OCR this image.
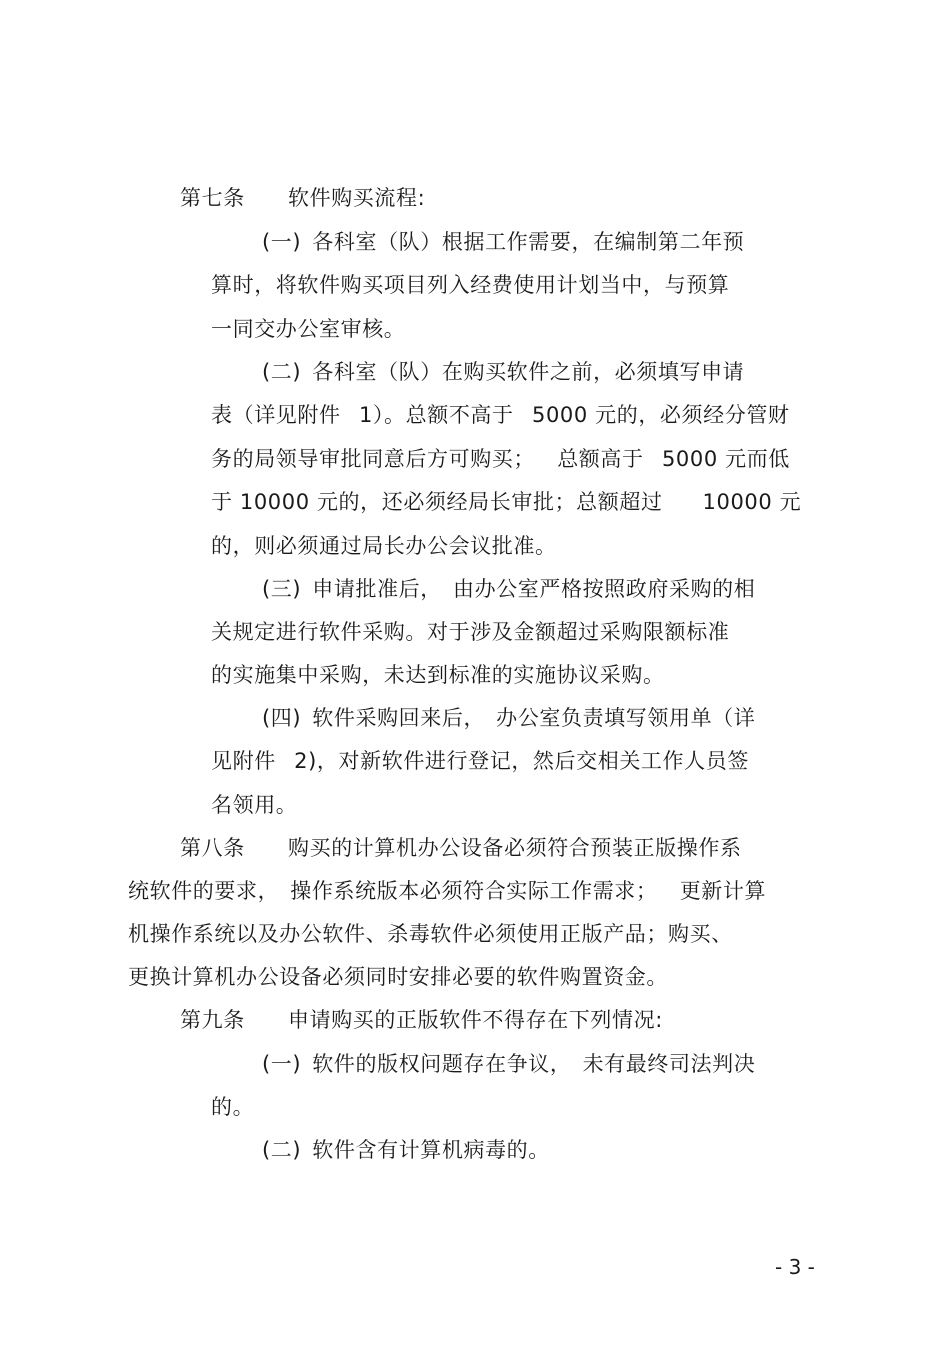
第七条　　软件购买流程:
(一) 各科室（队）根据工作需要，在编制第二年预
算时，将软件购买项目列入经费使用计划当中，与预算
一同交办公室审核。
(二) 各科室（队）在购买软件之前，必须填写申请
表（详见附件  1）。总额不高于  5000 元的，必须经分管财
务的局领导审批同意后方可购买；　 总额高于  5000 元而低
于 10000 元的，还必须经局长审批；总额超过　  10000 元
的，则必须通过局长办公会议批准。
(三) 申请批准后， 由办公室严格按照政府采购的相
关规定进行软件采购。对于涉及金额超过采购限额标准
的实施集中采购，未达到标准的实施协议采购。
(四) 软件采购回来后， 办公室负责填写领用单（详
见附件  2)，对新软件进行登记，然后交相关工作人员签
名领用。
第八条　　购买的计算机办公设备必须符合预装正版操作系
统软件的要求， 操作系统版本必须符合实际工作需求；　 更新计算
机操作系统以及办公软件、杀毒软件必须使用正版产品；购买、
更换计算机办公设备必须同时安排必要的软件购置资金。
第九条　　申请购买的正版软件不得存在下列情况:
(一) 软件的版权问题存在争议，　未有最终司法判决
的。
(二) 软件含有计算机病毒的。
- 3 -
